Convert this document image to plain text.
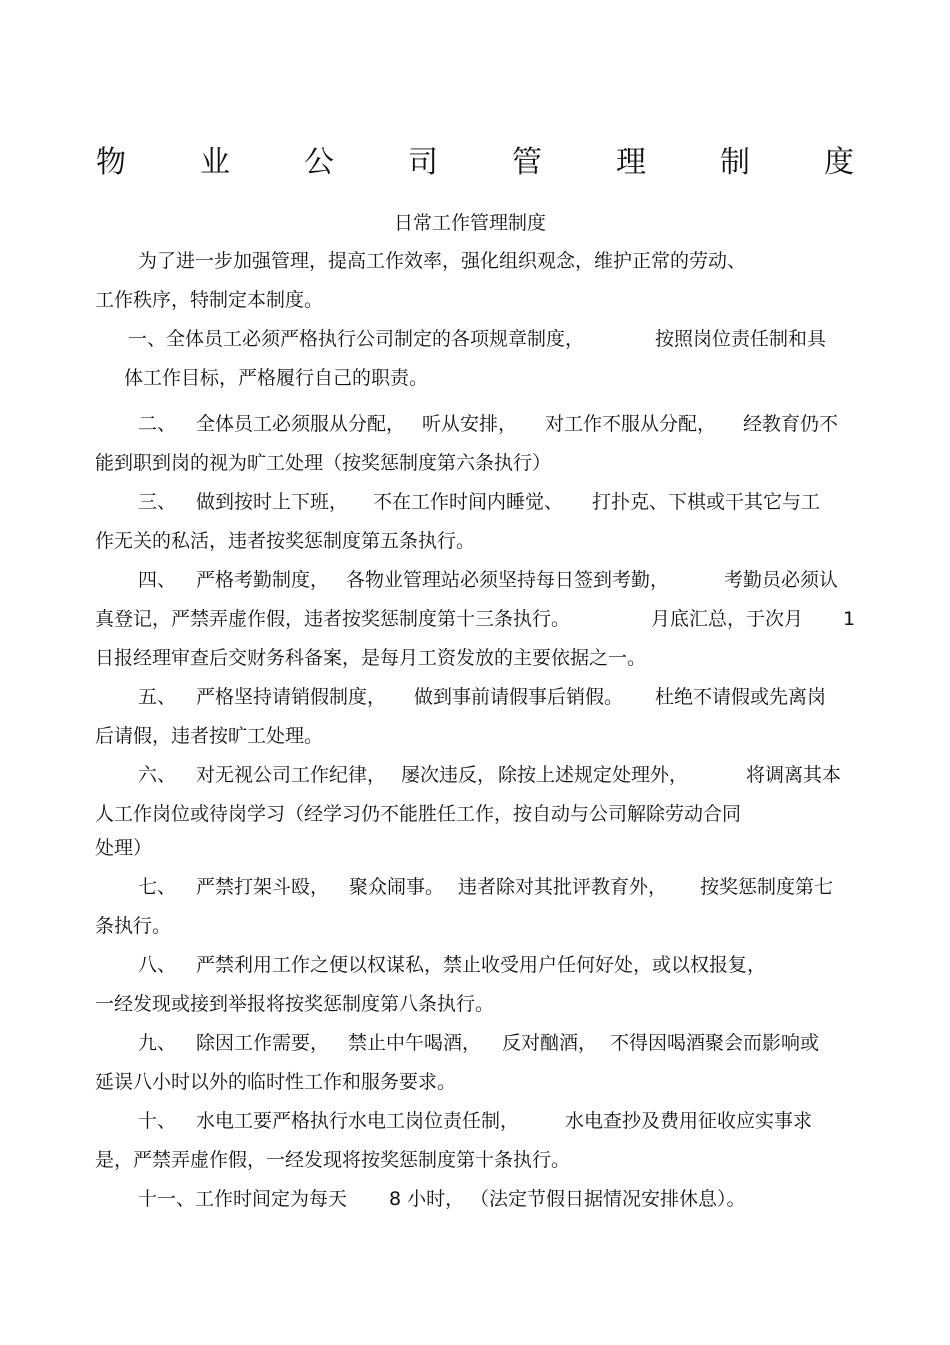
物 业 公 司 管 理 制 度
日常工作管理制度
为了进一步加强管理，提高工作效率，强化组织观念，维护正常的劳动、
工作秩序，特制定本制度。
一、全体员工必须严格执行公司制定的各项规章制度，	按照岗位责任制和具
体工作目标，严格履行自己的职责。
二、 全体员工必须服从分配， 听从安排， 对工作不服从分配， 经教育仍不
能到职到岗的视为旷工处理（按奖惩制度第六条执行）
三、 做到按时上下班， 不在工作时间内睡觉、 打扑克、下棋或干其它与工
作无关的私活，违者按奖惩制度第五条执行。
四、 严格考勤制度， 各物业管理站必须坚持每日签到考勤，	考勤员必须认
真登记，严禁弄虚作假，违者按奖惩制度第十三条执行。	月底汇总，于次月 1
日报经理审查后交财务科备案，是每月工资发放的主要依据之一。
五、 严格坚持请销假制度， 做到事前请假事后销假。 杜绝不请假或先离岗
后请假，违者按旷工处理。
六、 对无视公司工作纪律， 屡次违反， 除按上述规定处理外，	将调离其本
人工作岗位或待岗学习（经学习仍不能胜任工作，按自动与公司解除劳动合同
处理）
七、 严禁打架斗殴， 聚众闹事。 违者除对其批评教育外， 按奖惩制度第七
条执行。
八、 严禁利用工作之便以权谋私，禁止收受用户任何好处，或以权报复，
一经发现或接到举报将按奖惩制度第八条执行。
九、 除因工作需要， 禁止中午喝酒， 反对酗酒， 不得因喝酒聚会而影响或
延误八小时以外的临时性工作和服务要求。
十、 水电工要严格执行水电工岗位责任制， 水电查抄及费用征收应实事求
是，严禁弄虚作假，一经发现将按奖惩制度第十条执行。
十一、工作时间定为每天 8 小时， （法定节假日据情况安排休息）。
